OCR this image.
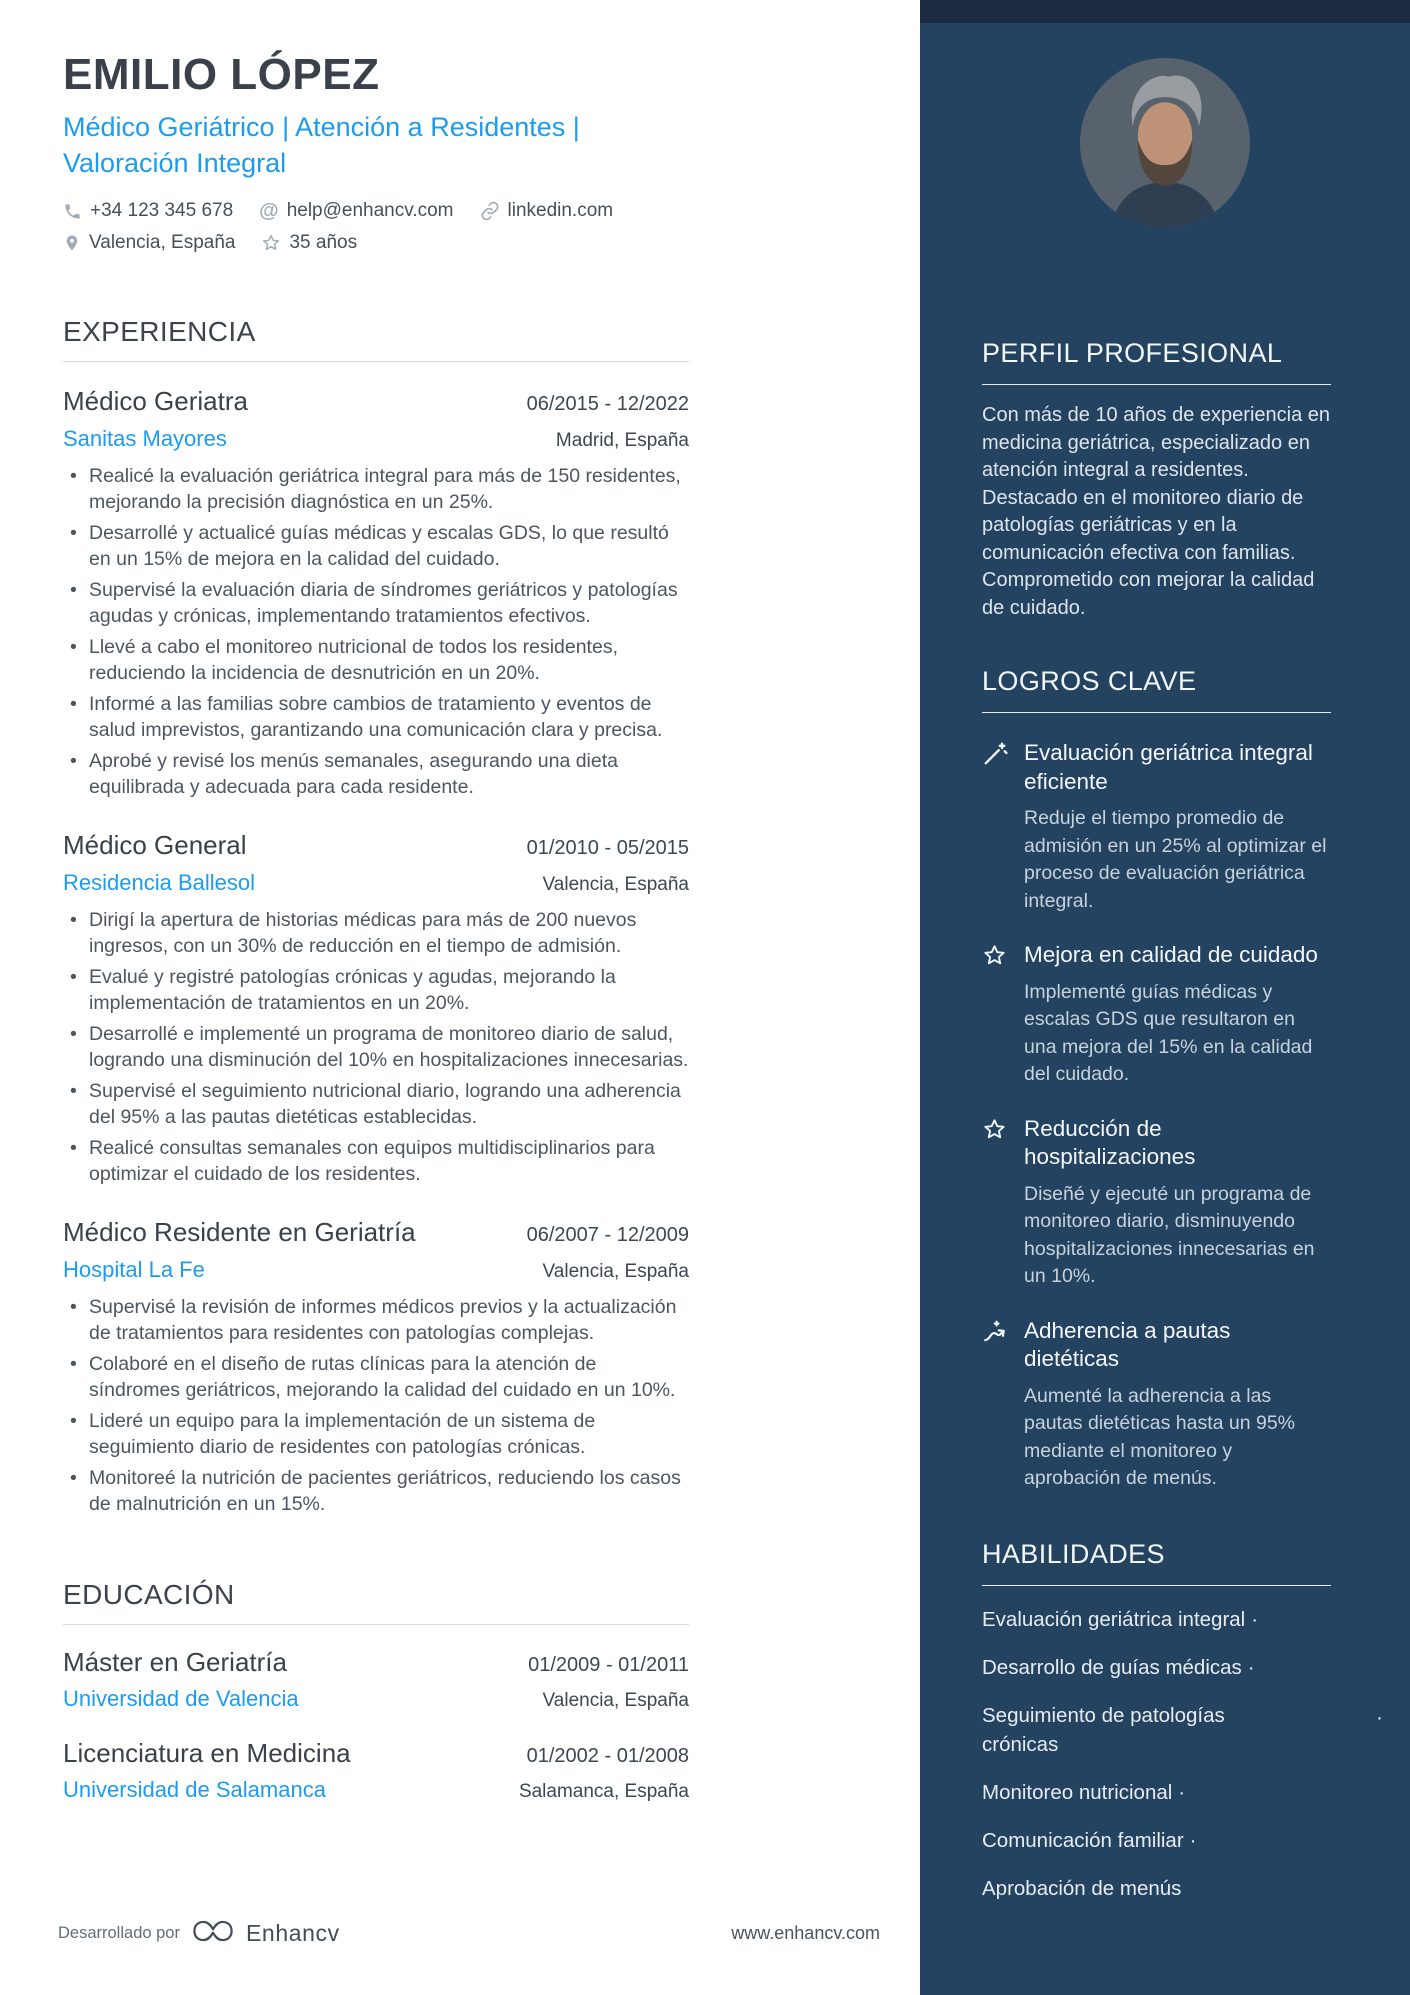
EMILIO LÓPEZ
Médico Geriátrico | Atención a Residentes | Valoración Integral
+34 123 345 678 @ help@enhancv.com	linkedin.com
Valencia, España	35 años
EXPERIENCIA
Médico Geriatra	06/2015 - 12/2022
Sanitas Mayores	Madrid, España
• Realicé la evaluación geriátrica integral para más de 150 residentes, mejorando la precisión diagnóstica en un 25%.
• Desarrollé y actualicé guías médicas y escalas GDS, lo que resultó en un 15% de mejora en la calidad del cuidado.
• Supervisé la evaluación diaria de síndromes geriátricos y patologías agudas y crónicas, implementando tratamientos efectivos.
• Llevé a cabo el monitoreo nutricional de todos los residentes, reduciendo la incidencia de desnutrición en un 20%.
• Informé a las familias sobre cambios de tratamiento y eventos de salud imprevistos, garantizando una comunicación clara y precisa.
• Aprobé y revisé los menús semanales, asegurando una dieta equilibrada y adecuada para cada residente.
Médico General	01/2010 - 05/2015
Residencia Ballesol	Valencia, España
• Dirigí la apertura de historias médicas para más de 200 nuevos ingresos, con un 30% de reducción en el tiempo de admisión.
• Evalué y registré patologías crónicas y agudas, mejorando la implementación de tratamientos en un 20%.
• Desarrollé e implementé un programa de monitoreo diario de salud, logrando una disminución del 10% en hospitalizaciones innecesarias.
• Supervisé el seguimiento nutricional diario, logrando una adherencia del 95% a las pautas dietéticas establecidas.
• Realicé consultas semanales con equipos multidisciplinarios para optimizar el cuidado de los residentes.
Médico Residente en Geriatría	06/2007 - 12/2009
Hospital La Fe	Valencia, España
• Supervisé la revisión de informes médicos previos y la actualización de tratamientos para residentes con patologías complejas.
• Colaboré en el diseño de rutas clínicas para la atención de síndromes geriátricos, mejorando la calidad del cuidado en un 10%.
• Lideré un equipo para la implementación de un sistema de seguimiento diario de residentes con patologías crónicas.
• Monitoreé la nutrición de pacientes geriátricos, reduciendo los casos de malnutrición en un 15%.
EDUCACIÓN
Máster en Geriatría	01/2009 - 01/2011
Universidad de Valencia	Valencia, España
Licenciatura en Medicina	01/2002 - 01/2008
Universidad de Salamanca	Salamanca, España
PERFIL PROFESIONAL
Con más de 10 años de experiencia en medicina geriátrica, especializado en atención integral a residentes. Destacado en el monitoreo diario de patologías geriátricas y en la comunicación efectiva con familias. Comprometido con mejorar la calidad de cuidado.
LOGROS CLAVE
Evaluación geriátrica integral eficiente
Reduje el tiempo promedio de admisión en un 25% al optimizar el proceso de evaluación geriátrica integral.
Mejora en calidad de cuidado
Implementé guías médicas y escalas GDS que resultaron en una mejora del 15% en la calidad del cuidado.
Reducción de hospitalizaciones
Diseñé y ejecuté un programa de monitoreo diario, disminuyendo hospitalizaciones innecesarias en un 10%.
Adherencia a pautas dietéticas
Aumenté la adherencia a las pautas dietéticas hasta un 95% mediante el monitoreo y aprobación de menús.
HABILIDADES
Evaluación geriátrica integral ·
Desarrollo de guías médicas ·
Seguimiento de patologías crónicas
·
Monitoreo nutricional ·
Comunicación familiar ·
Aprobación de menús
Desarrollado por	Enhancv	www.enhancv.com
